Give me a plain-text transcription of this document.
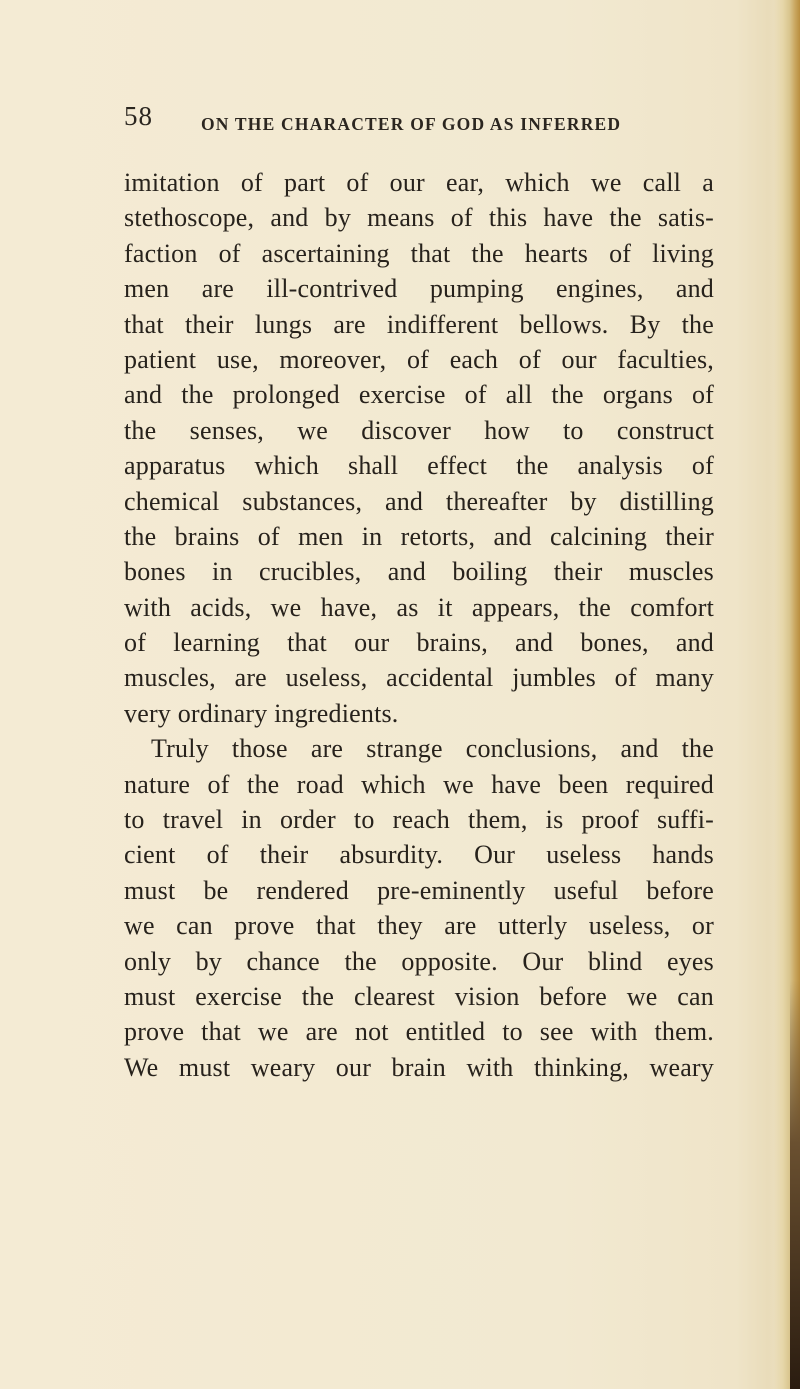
58	ON THE CHARACTER OF GOD AS INFERRED
imitation of part of our ear, which we call a
stethoscope, and by means of this have the satis-
faction of ascertaining that the hearts of living
men are ill-contrived pumping engines, and
that their lungs are indifferent bellows. By the
patient use, moreover, of each of our faculties,
and the prolonged exercise of all the organs of
the senses, we discover how to construct
apparatus which shall effect the analysis of
chemical substances, and thereafter by distilling
the brains of men in retorts, and calcining their
bones in crucibles, and boiling their muscles
with acids, we have, as it appears, the comfort
of learning that our brains, and bones, and
muscles, are useless, accidental jumbles of many
very ordinary ingredients.
Truly those are strange conclusions, and the
nature of the road which we have been required
to travel in order to reach them, is proof suffi-
cient of their absurdity. Our useless hands
must be rendered pre-eminently useful before
we can prove that they are utterly useless, or
only by chance the opposite. Our blind eyes
must exercise the clearest vision before we can
prove that we are not entitled to see with them.
We must weary our brain with thinking, weary
